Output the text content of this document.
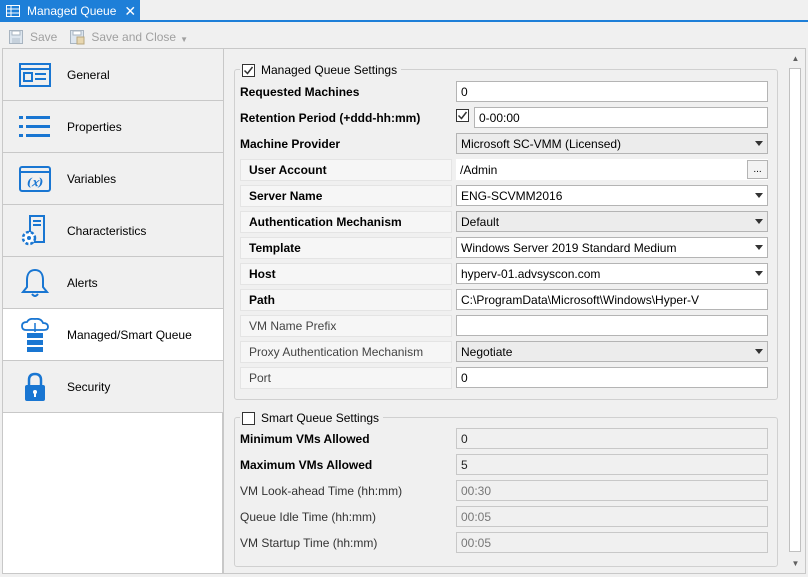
Managed Queue ✕
Save	Save and Close ▼
General
Properties
(𝑥) Variables
Characteristics
Alerts
Managed/Smart Queue
Security
Managed Queue Settings
Requested Machines	0
Retention Period (+ddd-hh:mm)	0-00:00
Machine Provider	Microsoft SC-VMM (Licensed)
User Account	/Admin	...
Server Name	ENG-SCVMM2016
Authentication Mechanism	Default
Template	Windows Server 2019 Standard Medium
Host	hyperv-01.advsyscon.com
Path	C:\ProgramData\Microsoft\Windows\Hyper-V
VM Name Prefix
Proxy Authentication Mechanism	Negotiate
Port	0
Smart Queue Settings
Minimum VMs Allowed	0
Maximum VMs Allowed	5
VM Look-ahead Time (hh:mm)	00:30
Queue Idle Time (hh:mm)	00:05
VM Startup Time (hh:mm)	00:05
▲
▼
